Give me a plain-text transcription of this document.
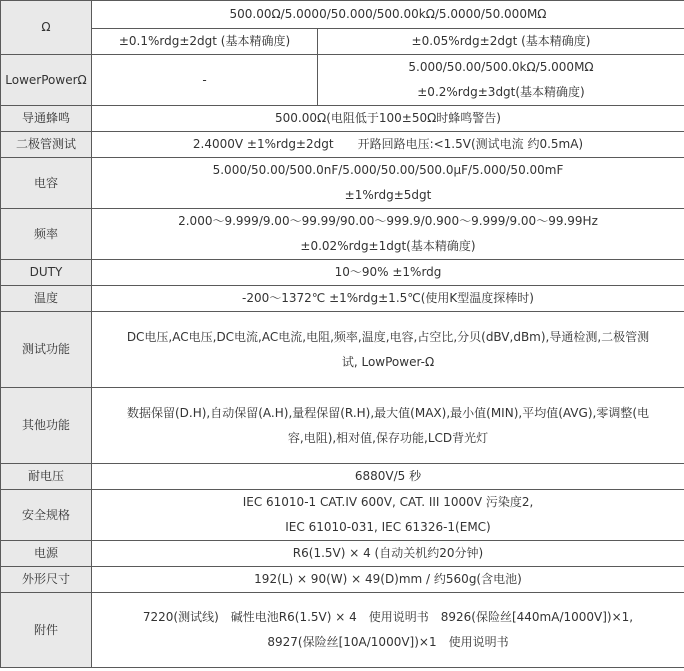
Ω	500.00Ω/5.0000/50.000/500.00kΩ/5.0000/50.000MΩ	
	±0.1%rdg±2dgt (基本精确度)	±0.05%rdg±2dgt (基本精确度)
LowerPowerΩ	-	5.000/50.00/500.0kΩ/5.000MΩ
±0.2%rdg±3dgt(基本精确度)

导通蜂鸣	500.00Ω(电阻低于100±50Ω时蜂鸣警告)	
二极管测试	2.4000V ±1%rdg±2dgt　　开路回路电压:<1.5V(测试电流 约0.5mA)	
电容	5.000/50.00/500.0nF/5.000/50.00/500.0μF/5.000/50.00mF
±1%rdg±5dgt	

频率	2.000～9.999/9.00～99.99/90.00～999.9/0.900～9.999/9.00～99.99Hz
±0.02%rdg±1dgt(基本精确度)	

DUTY	10～90% ±1%rdg	
温度	-200～1372℃ ±1%rdg±1.5℃(使用K型温度探棒时)	
测试功能	DC电压,AC电压,DC电流,AC电流,电阻,频率,温度,电容,占空比,分贝(dBV,dBm),导通检测,二极管测
试, LowPower-Ω	

其他功能	数据保留(D.H),自动保留(A.H),量程保留(R.H),最大值(MAX),最小值(MIN),平均值(AVG),零调整(电
容,电阻),相对值,保存功能,LCD背光灯	

耐电压	6880V/5 秒	
安全规格	IEC 61010-1 CAT.IV 600V, CAT. III 1000V 污染度2,
IEC 61010-031, IEC 61326-1(EMC)	

电源	R6(1.5V) × 4 (自动关机约20分钟)	
外形尺寸	192(L) × 90(W) × 49(D)mm / 约560g(含电池)	
附件	7220(测试线)　碱性电池R6(1.5V) × 4　使用说明书　8926(保险丝[440mA/1000V])×1,
8927(保险丝[10A/1000V])×1　使用说明书	
